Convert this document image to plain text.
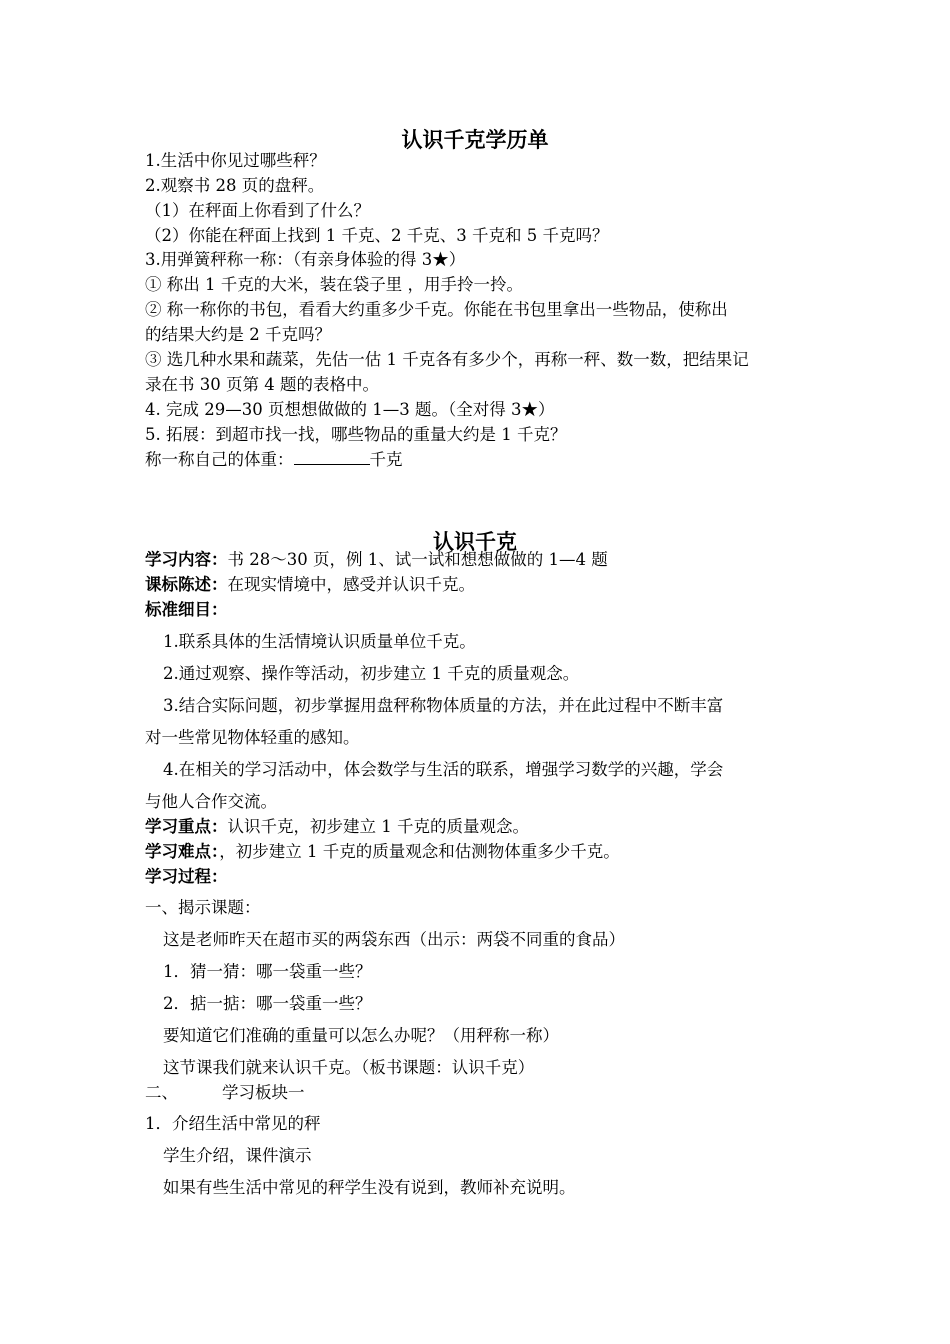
认识千克学历单
1.生活中你见过哪些秤？
2.观察书 28 页的盘秤。
（1）在秤面上你看到了什么？
（2）你能在秤面上找到 1 千克、2 千克、3 千克和 5 千克吗？
3.用弹簧秤称一称：（有亲身体验的得 3★）
① 称出 1 千克的大米，装在袋子里 ，用手拎一拎。
② 称一称你的书包，看看大约重多少千克。你能在书包里拿出一些物品，使称出
的结果大约是 2 千克吗？
③ 选几种水果和蔬菜，先估一估 1 千克各有多少个，再称一秤、数一数，把结果记
录在书 30 页第 4 题的表格中。
4. 完成 29—30 页想想做做的 1—3 题。（全对得 3★）
5. 拓展：到超市找一找，哪些物品的重量大约是 1 千克？
称一称自己的体重：	千克
认识千克
学习内容：书 28～30 页，例 1、试一试和想想做做的 1—4 题
课标陈述：在现实情境中，感受并认识千克。
标准细目：
1.联系具体的生活情境认识质量单位千克。
2.通过观察、操作等活动，初步建立 1 千克的质量观念。
3.结合实际问题，初步掌握用盘秤称物体质量的方法，并在此过程中不断丰富
对一些常见物体轻重的感知。
4.在相关的学习活动中，体会数学与生活的联系，增强学习数学的兴趣，学会
与他人合作交流。
学习重点：认识千克，初步建立 1 千克的质量观念。
学习难点：，初步建立 1 千克的质量观念和估测物体重多少千克。
学习过程：
一、揭示课题：
这是老师昨天在超市买的两袋东西（出示：两袋不同重的食品）
1．猜一猜：哪一袋重一些？
2．掂一掂：哪一袋重一些？
要知道它们准确的重量可以怎么办呢？（用秤称一称）
这节课我们就来认识千克。（板书课题：认识千克）
二、	学习板块一
1．介绍生活中常见的秤
学生介绍，课件演示
如果有些生活中常见的秤学生没有说到，教师补充说明。
